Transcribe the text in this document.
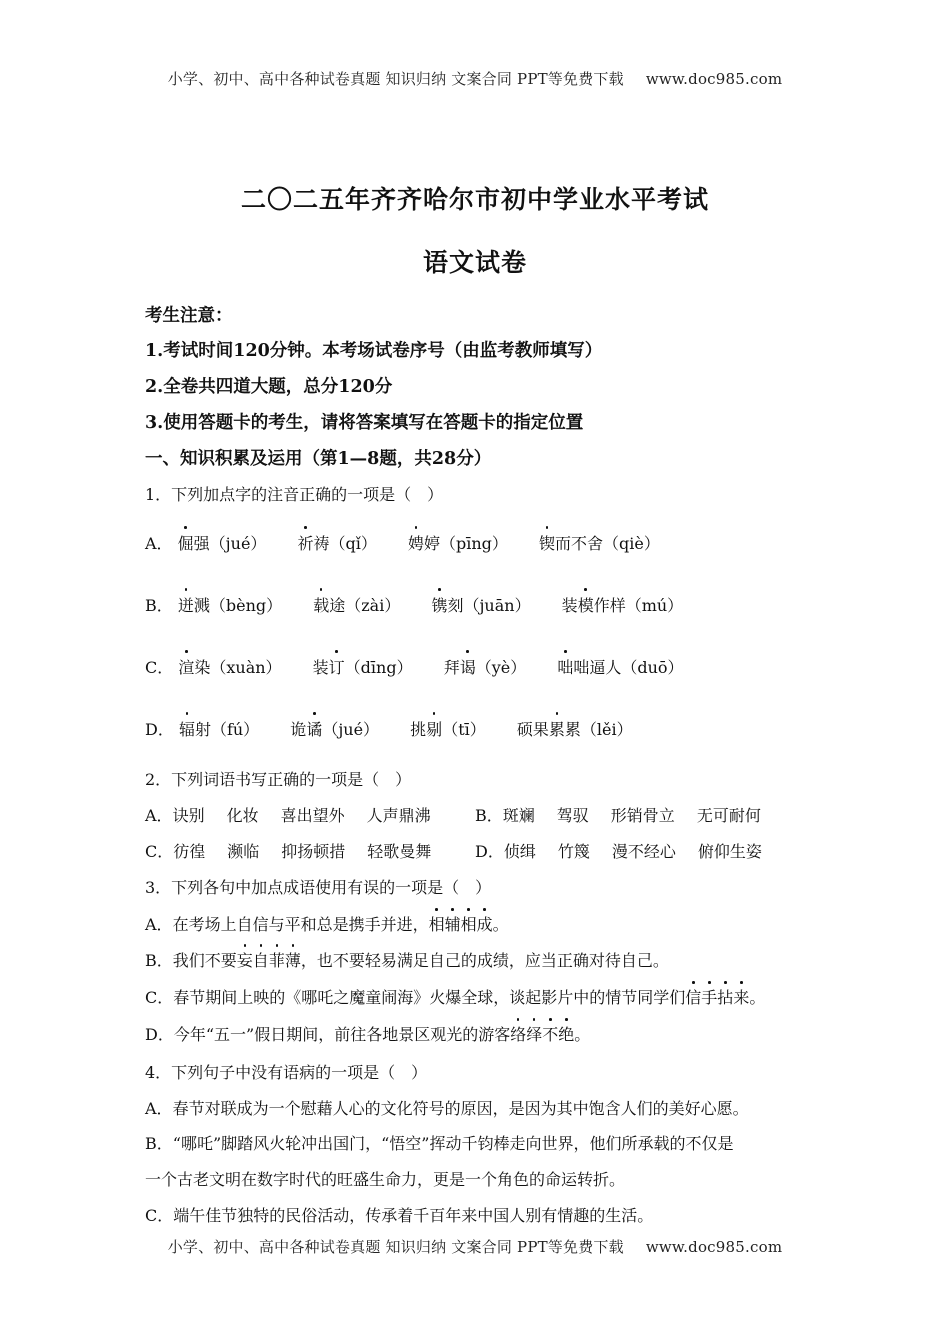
小学、初中、高中各种试卷真题 知识归纳 文案合同 PPT等免费下载 www.doc985.com
二〇二五年齐齐哈尔市初中学业水平考试
语文试卷
考生注意：
1.考试时间120分钟。本考场试卷序号（由监考教师填写）
2.全卷共四道大题，总分120分
3.使用答题卡的考生，请将答案填写在答题卡的指定位置
一、知识积累及运用（第1—8题，共28分）
1．下列加点字的注音正确的一项是（　）
A． 倔强（jué） 祈祷（qǐ） 娉婷（pīng） 锲而不舍（qiè）
B． 迸溅（bèng） 载途（zài） 镌刻（juān） 装模作样（mú）
C． 渲染（xuàn） 装订（dīng） 拜谒（yè） 咄咄逼人（duō）
D． 辐射（fú） 诡谲（jué） 挑剔（tī） 硕果累累（lěi）
2．下列词语书写正确的一项是（　）
A．诀别 化妆 喜出望外 人声鼎沸	B．斑斓 驾驭 形销骨立 无可耐何
C．彷徨 濒临 抑扬顿措 轻歌曼舞	D．侦缉 竹篾 漫不经心 俯仰生姿
3．下列各句中加点成语使用有误的一项是（　）
A．在考场上自信与平和总是携手并进，相辅相成。
B．我们不要妄自菲薄，也不要轻易满足自己的成绩，应当正确对待自己。
C．春节期间上映的《哪吒之魔童闹海》火爆全球，谈起影片中的情节同学们信手拈来。
D．今年“五一”假日期间，前往各地景区观光的游客络绎不绝。
4．下列句子中没有语病的一项是（　）
A．春节对联成为一个慰藉人心的文化符号的原因，是因为其中饱含人们的美好心愿。
B．“哪吒”脚踏风火轮冲出国门，“悟空”挥动千钧棒走向世界，他们所承载的不仅是
一个古老文明在数字时代的旺盛生命力，更是一个角色的命运转折。
C．端午佳节独特的民俗活动，传承着千百年来中国人别有情趣的生活。
小学、初中、高中各种试卷真题 知识归纳 文案合同 PPT等免费下载 www.doc985.com
